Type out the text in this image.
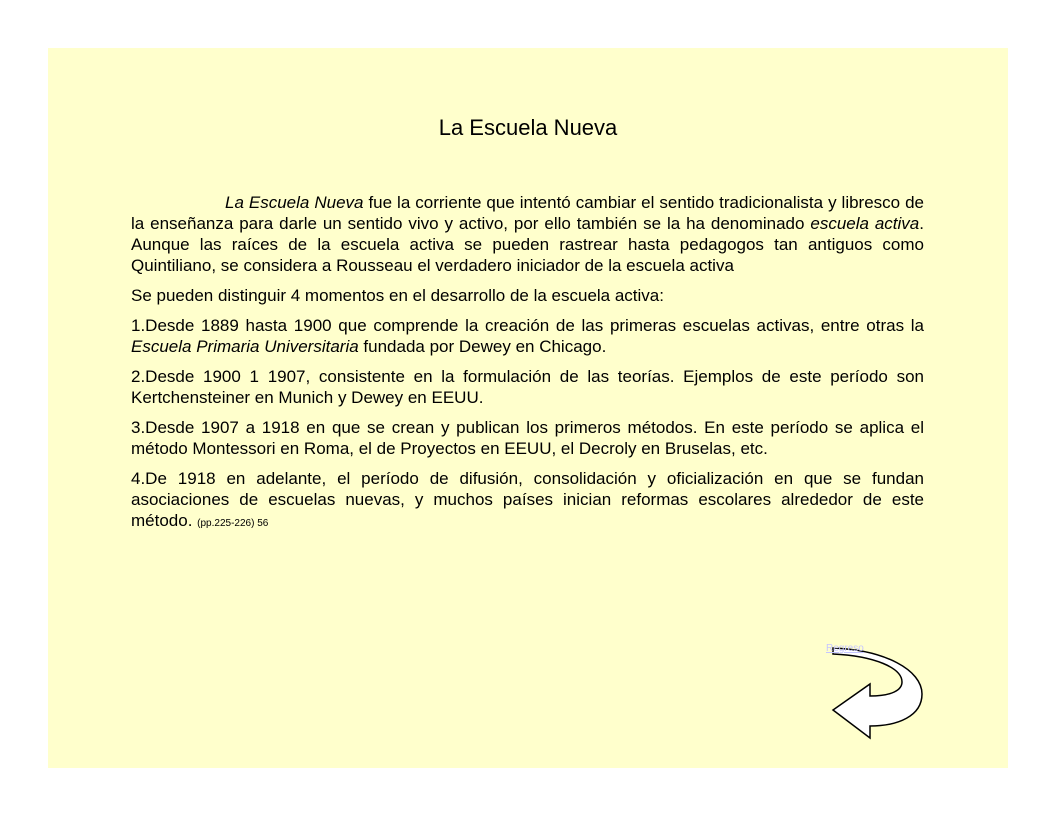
La Escuela Nueva

La Escuela Nueva fue la corriente que intentó cambiar el sentido tradicionalista y libresco de la enseñanza para darle un sentido vivo y activo, por ello también se la ha denominado escuela activa. Aunque las raíces de la escuela activa se pueden rastrear hasta pedagogos tan antiguos como Quintiliano, se considera a Rousseau el verdadero iniciador de la escuela activa

Se pueden distinguir 4 momentos en el desarrollo de la escuela activa:

1.Desde 1889 hasta 1900 que comprende la creación de las primeras escuelas activas, entre otras la Escuela Primaria Universitaria fundada por Dewey en Chicago.

2.Desde 1900 1 1907, consistente en la formulación de las teorías. Ejemplos de este período son Kertchensteiner en Munich y Dewey en EEUU.

3.Desde 1907 a 1918 en que se crean y publican los primeros métodos. En este período se aplica el método Montessori en Roma, el de Proyectos en EEUU, el Decroly en Bruselas, etc.

4.De 1918 en adelante, el período de difusión, consolidación y oficialización en que se fundan asociaciones de escuelas nuevas, y muchos países inician reformas escolares alrededor de este método. (pp.225-226) 56

Regreso
